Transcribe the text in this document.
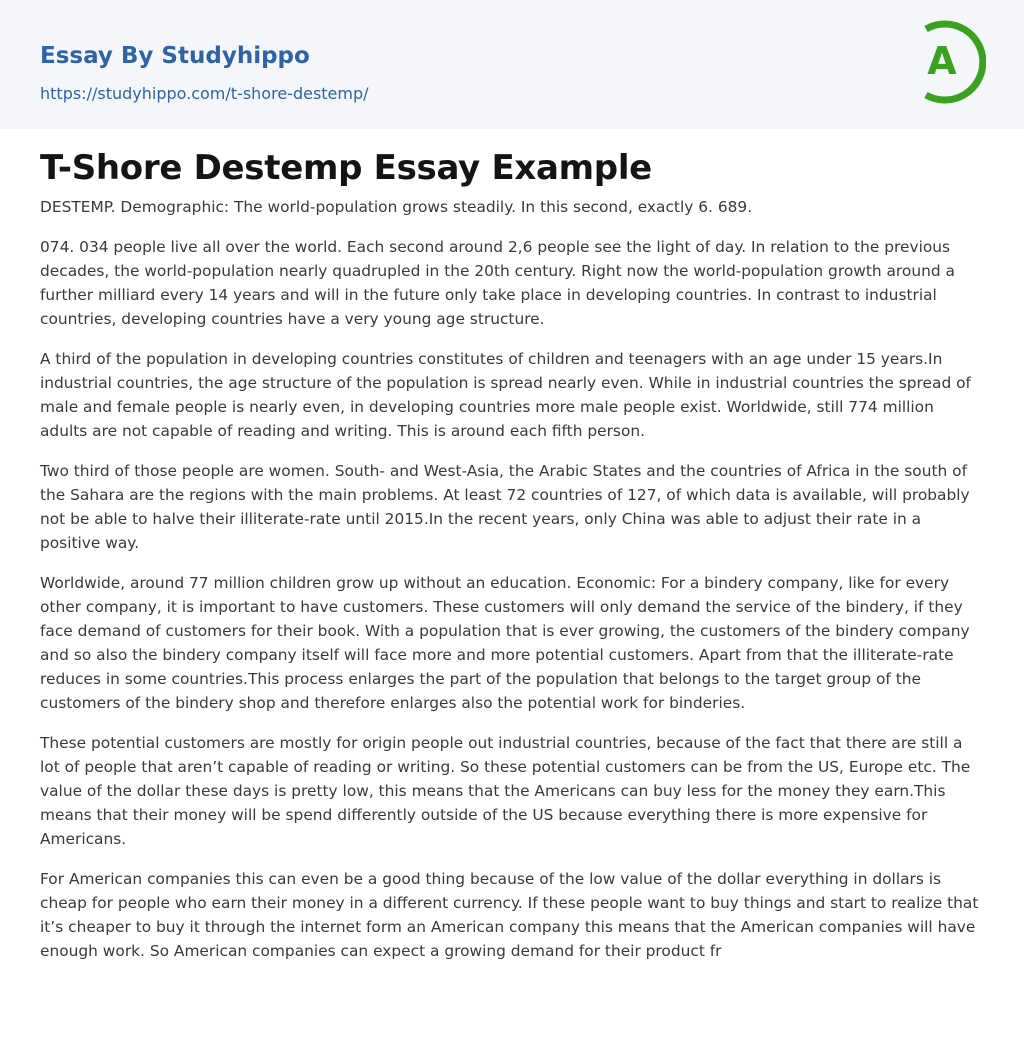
Essay By Studyhippo
https://studyhippo.com/t-shore-destemp/
A
T-Shore Destemp Essay Example

DESTEMP. Demographic: The world-population grows steadily. In this second, exactly 6. 689.

074. 034 people live all over the world. Each second around 2,6 people see the light of day. In relation to the previous decades, the world-population nearly quadrupled in the 20th century. Right now the world-population growth around a further milliard every 14 years and will in the future only take place in developing countries. In contrast to industrial countries, developing countries have a very young age structure.

A third of the population in developing countries constitutes of children and teenagers with an age under 15 years.In industrial countries, the age structure of the population is spread nearly even. While in industrial countries the spread of male and female people is nearly even, in developing countries more male people exist. Worldwide, still 774 million adults are not capable of reading and writing. This is around each fifth person.

Two third of those people are women. South- and West-Asia, the Arabic States and the countries of Africa in the south of the Sahara are the regions with the main problems. At least 72 countries of 127, of which data is available, will probably not be able to halve their illiterate-rate until 2015.In the recent years, only China was able to adjust their rate in a positive way.

Worldwide, around 77 million children grow up without an education. Economic: For a bindery company, like for every other company, it is important to have customers. These customers will only demand the service of the bindery, if they face demand of customers for their book. With a population that is ever growing, the customers of the bindery company and so also the bindery company itself will face more and more potential customers. Apart from that the illiterate-rate reduces in some countries.This process enlarges the part of the population that belongs to the target group of the customers of the bindery shop and therefore enlarges also the potential work for binderies.

These potential customers are mostly for origin people out industrial countries, because of the fact that there are still a lot of people that aren’t capable of reading or writing. So these potential customers can be from the US, Europe etc. The value of the dollar these days is pretty low, this means that the Americans can buy less for the money they earn.This means that their money will be spend differently outside of the US because everything there is more expensive for Americans.

For American companies this can even be a good thing because of the low value of the dollar everything in dollars is cheap for people who earn their money in a different currency. If these people want to buy things and start to realize that it’s cheaper to buy it through the internet form an American company this means that the American companies will have enough work. So American companies can expect a growing demand for their product fr
